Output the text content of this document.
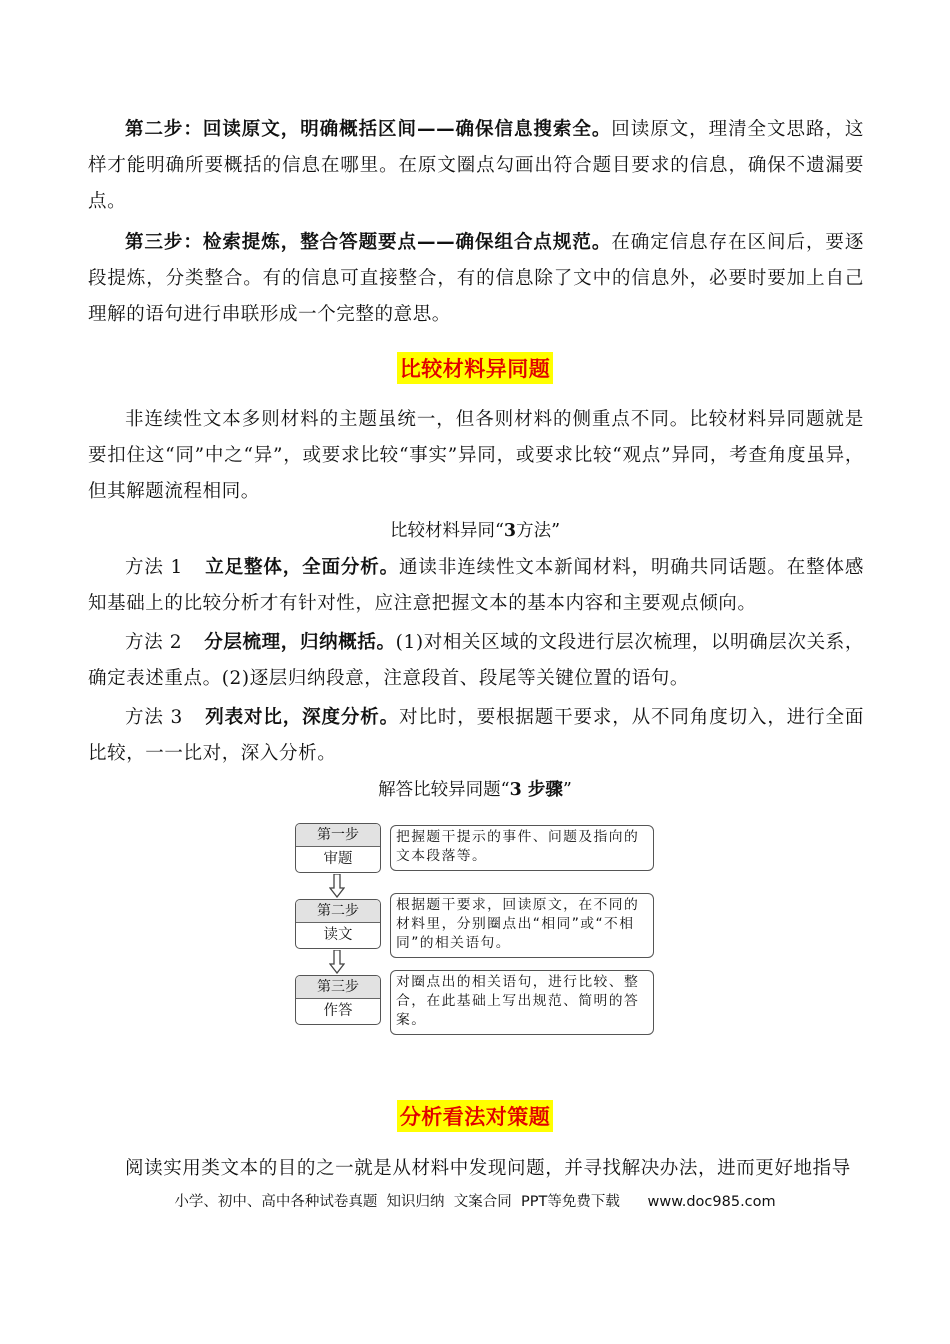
第二步：回读原文，明确概括区间——确保信息搜索全。回读原文，理清全文思路，这样才能明确所要概括的信息在哪里。在原文圈点勾画出符合题目要求的信息，确保不遗漏要点。
第三步：检索提炼，整合答题要点——确保组合点规范。在确定信息存在区间后，要逐段提炼，分类整合。有的信息可直接整合，有的信息除了文中的信息外，必要时要加上自己理解的语句进行串联形成一个完整的意思。
比较材料异同题
非连续性文本多则材料的主题虽统一，但各则材料的侧重点不同。比较材料异同题就是要扣住这“同”中之“异”，或要求比较“事实”异同，或要求比较“观点”异同，考查角度虽异，但其解题流程相同。
比较材料异同“3方法”
方法 1 立足整体，全面分析。通读非连续性文本新闻材料，明确共同话题。在整体感知基础上的比较分析才有针对性，应注意把握文本的基本内容和主要观点倾向。
方法 2 分层梳理，归纳概括。(1)对相关区域的文段进行层次梳理，以明确层次关系，确定表述重点。(2)逐层归纳段意，注意段首、段尾等关键位置的语句。
方法 3 列表对比，深度分析。对比时，要根据题干要求，从不同角度切入，进行全面比较，一一比对，深入分析。
解答比较异同题“3 步骤”
第一步
审题
把握题干提示的事件、问题及指向的文本段落等。
第二步
读文
根据题干要求，回读原文，在不同的材料里，分别圈点出“相同”或“不相同”的相关语句。
第三步
作答
对圈点出的相关语句，进行比较、整合，在此基础上写出规范、简明的答案。
分析看法对策题
阅读实用类文本的目的之一就是从材料中发现问题，并寻找解决办法，进而更好地指导
小学、初中、高中各种试卷真题  知识归纳  文案合同  PPT等免费下载      www.doc985.com
